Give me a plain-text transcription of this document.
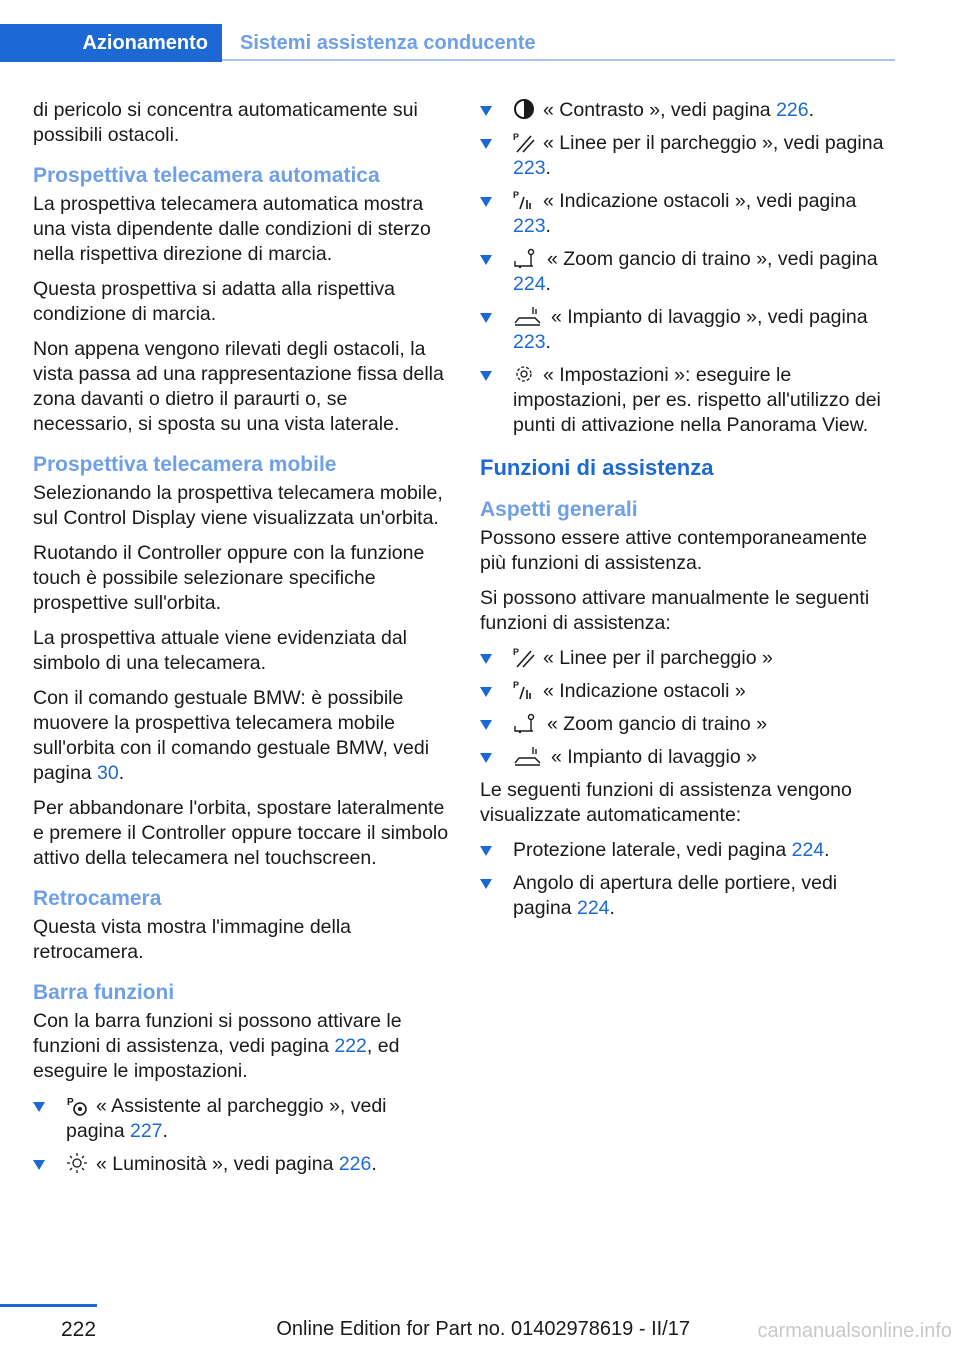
Azionamento	Sistemi assistenza conducente

di pericolo si concentra automaticamente sui possibili ostacoli.

Prospettiva telecamera automatica

La prospettiva telecamera automatica mostra una vista dipendente dalle condizioni di sterzo nella rispettiva direzione di marcia.

Questa prospettiva si adatta alla rispettiva condizione di marcia.

Non appena vengono rilevati degli ostacoli, la vista passa ad una rappresentazione fissa della zona davanti o dietro il paraurti o, se necessario, si sposta su una vista laterale.

Prospettiva telecamera mobile

Selezionando la prospettiva telecamera mobile, sul Control Display viene visualizzata un'orbita.

Ruotando il Controller oppure con la funzione touch è possibile selezionare specifiche prospettive sull'orbita.

La prospettiva attuale viene evidenziata dal simbolo di una telecamera.

Con il comando gestuale BMW: è possibile muovere la prospettiva telecamera mobile sull'orbita con il comando gestuale BMW, vedi pagina 30.

Per abbandonare l'orbita, spostare lateralmente e premere il Controller oppure toccare il simbolo attivo della telecamera nel touchscreen.

Retrocamera

Questa vista mostra l'immagine della retrocamera.

Barra funzioni

Con la barra funzioni si possono attivare le funzioni di assistenza, vedi pagina 222, ed eseguire le impostazioni.

P « Assistente al parcheggio », vedi pagina 227.
« Luminosità », vedi pagina 226.
« Contrasto », vedi pagina 226.
P « Linee per il parcheggio », vedi pagina 223.
P « Indicazione ostacoli », vedi pagina 223.
« Zoom gancio di traino », vedi pagina 224.
« Impianto di lavaggio », vedi pagina 223.
« Impostazioni »: eseguire le impostazioni, per es. rispetto all'utilizzo dei punti di attivazione nella Panorama View.
Funzioni di assistenza
Aspetti generali

Possono essere attive contemporaneamente più funzioni di assistenza.

Si possono attivare manualmente le seguenti funzioni di assistenza:

P « Linee per il parcheggio »
P « Indicazione ostacoli »
« Zoom gancio di traino »
« Impianto di lavaggio »

Le seguenti funzioni di assistenza vengono visualizzate automaticamente:

Protezione laterale, vedi pagina 224.
Angolo di apertura delle portiere, vedi pagina 224.
222	Online Edition for Part no. 01402978619 - II/17	carmanualsonline.info
